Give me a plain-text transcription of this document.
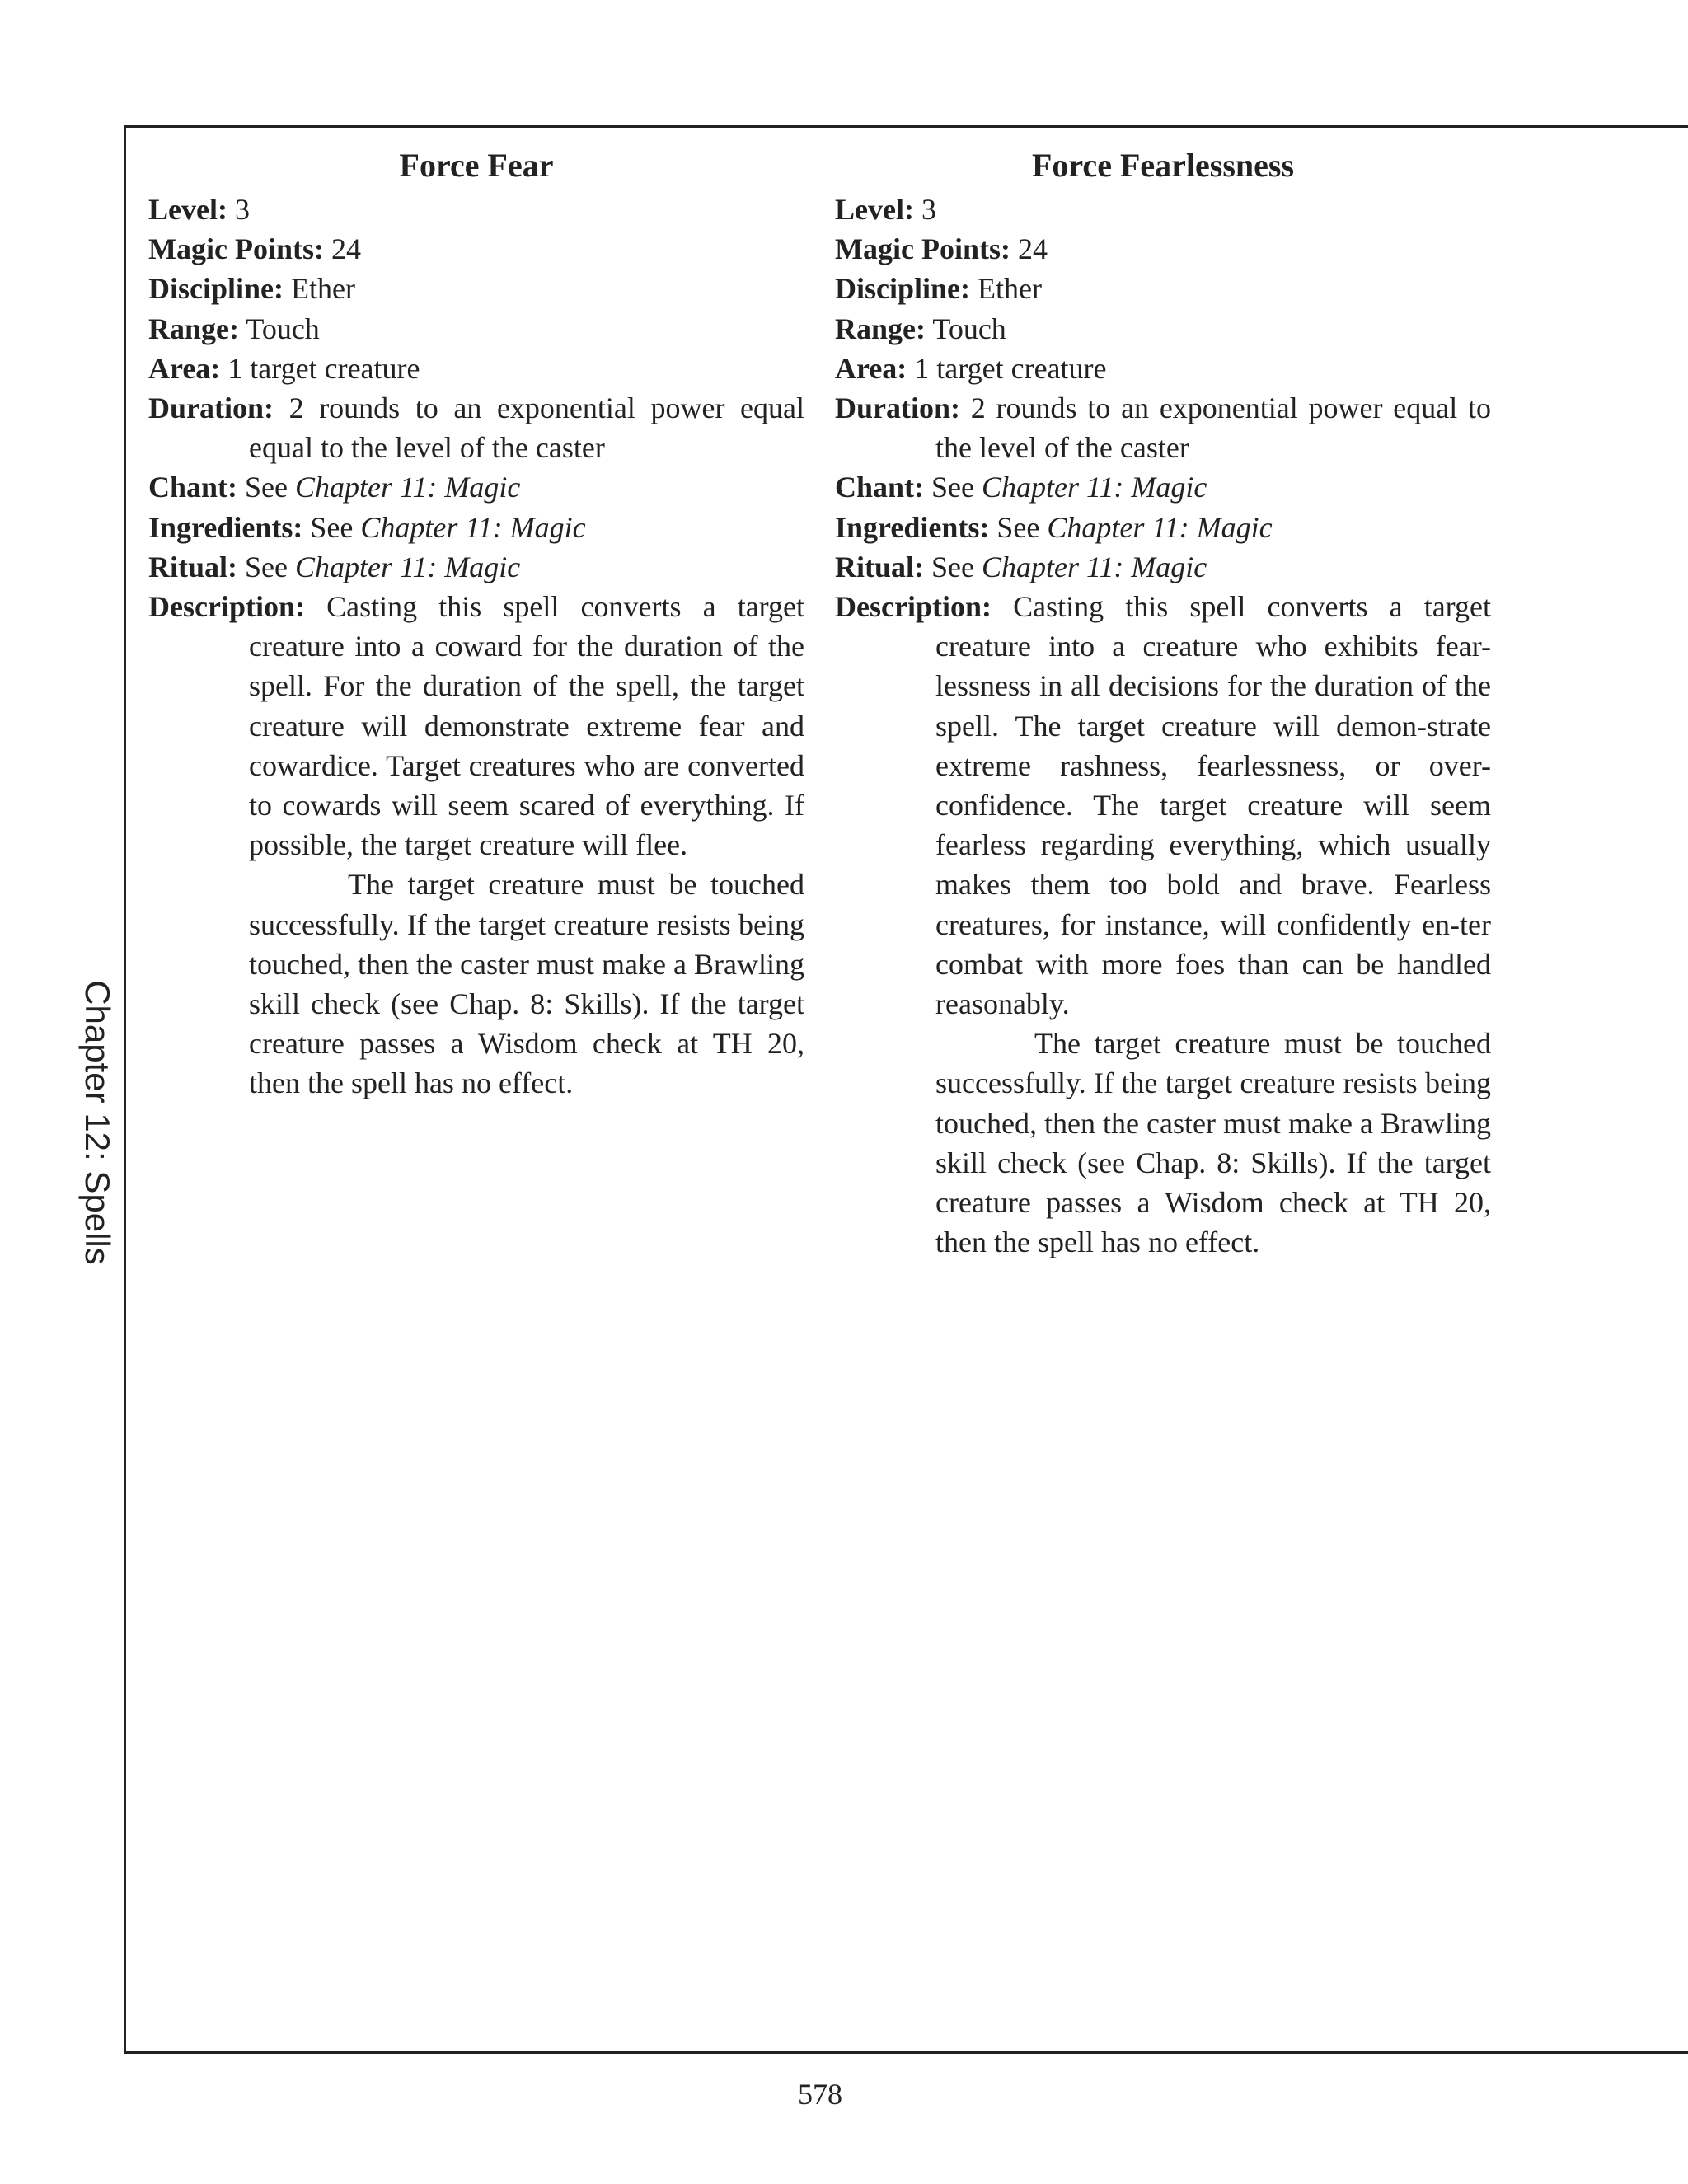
Chapter 12: Spells

Force Fear

Level: 3

Magic Points: 24

Discipline: Ether

Range: Touch

Area: 1 target creature

Duration: 2 rounds to an exponential power equal equal to the level of the caster

Chant: See Chapter 11: Magic

Ingredients: See Chapter 11: Magic

Ritual: See Chapter 11: Magic

Description: Casting this spell converts a target creature into a coward for the duration of the spell. For the duration of the spell, the target creature will demonstrate extreme fear and cowardice. Target creatures who are converted to cowards will seem scared of everything. If possible, the target creature will flee.

The target creature must be touched successfully. If the target creature resists being touched, then the caster must make a Brawling skill check (see Chap. 8: Skills). If the target creature passes a Wisdom check at TH 20, then the spell has no effect.

Force Fearlessness

Level: 3

Magic Points: 24

Discipline: Ether

Range: Touch

Area: 1 target creature

Duration: 2 rounds to an exponential power equal to the level of the caster

Chant: See Chapter 11: Magic

Ingredients: See Chapter 11: Magic

Ritual: See Chapter 11: Magic

Description: Casting this spell converts a target creature into a creature who exhibits fear-lessness in all decisions for the duration of the spell. The target creature will demon-strate extreme rashness, fearlessness, or over-confidence. The target creature will seem fearless regarding everything, which usually makes them too bold and brave. Fearless creatures, for instance, will confidently en-ter combat with more foes than can be handled reasonably.

The target creature must be touched successfully. If the target creature resists being touched, then the caster must make a Brawling skill check (see Chap. 8: Skills). If the target creature passes a Wisdom check at TH 20, then the spell has no effect.

578
